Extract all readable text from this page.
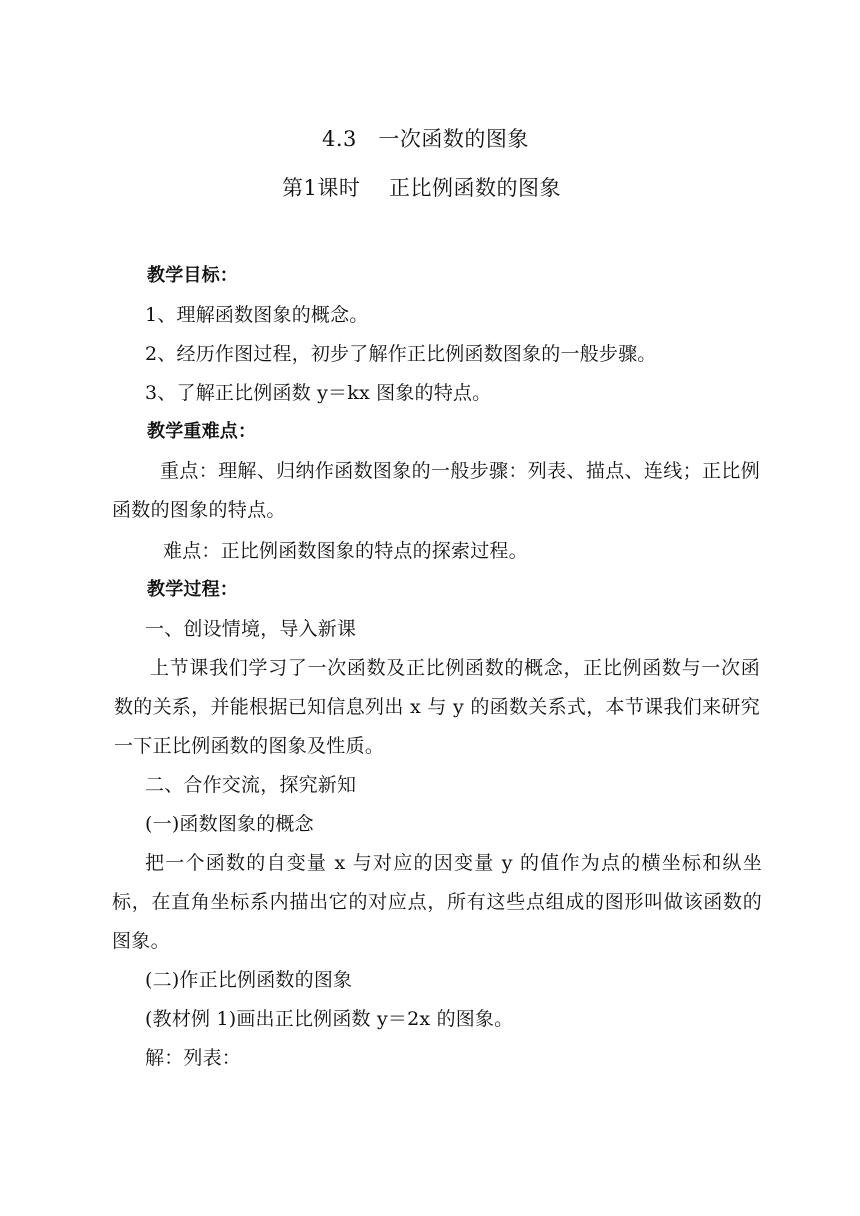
4.3　一次函数的图象
第1课时　 正比例函数的图象
教学目标：
1、理解函数图象的概念。
2、经历作图过程，初步了解作正比例函数图象的一般步骤。
3、了解正比例函数 y＝kx 图象的特点。
教学重难点：
重点：理解、归纳作函数图象的一般步骤：列表、描点、连线；正比例函数的图象的特点。
难点：正比例函数图象的特点的探索过程。
教学过程：
一、创设情境，导入新课
上节课我们学习了一次函数及正比例函数的概念，正比例函数与一次函数的关系，并能根据已知信息列出 x 与 y 的函数关系式，本节课我们来研究一下正比例函数的图象及性质。
二、合作交流，探究新知
(一)函数图象的概念
把一个函数的自变量 x 与对应的因变量 y 的值作为点的横坐标和纵坐标，在直角坐标系内描出它的对应点，所有这些点组成的图形叫做该函数的图象。
(二)作正比例函数的图象
(教材例 1)画出正比例函数 y＝2x 的图象。
解：列表：
